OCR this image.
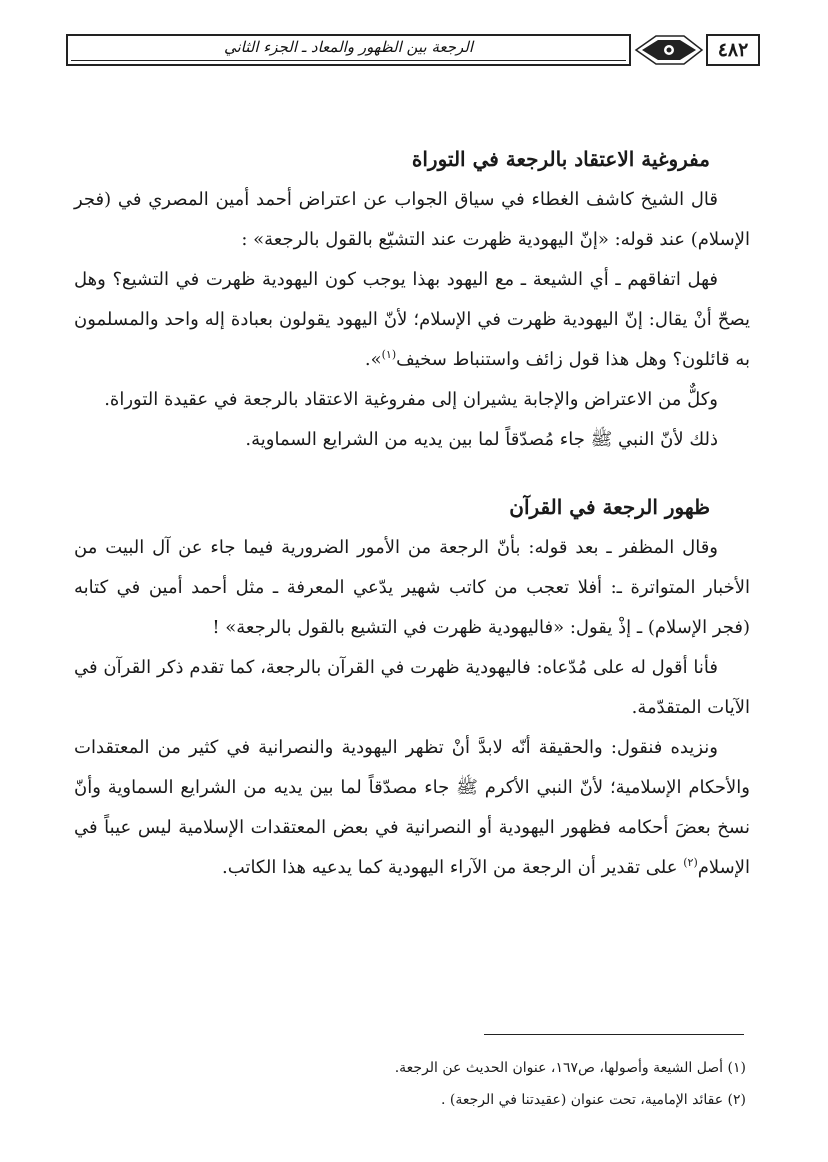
الرجعة بين الظهور والمعاد ـ الجزء الثاني	٤٨٢
مفروغية الاعتقاد بالرجعة في التوراة

قال الشيخ كاشف الغطاء في سياق الجواب عن اعتراض أحمد أمين المصري في (فجر الإسلام) عند قوله: «إنّ اليهودية ظهرت عند التشيّع بالقول بالرجعة» :

فهل اتفاقهم ـ أي الشيعة ـ مع اليهود بهذا يوجب كون اليهودية ظهرت في التشيع؟ وهل يصحّ أنْ يقال: إنّ اليهودية ظهرت في الإسلام؛ لأنّ اليهود يقولون بعبادة إله واحد والمسلمون به قائلون؟ وهل هذا قول زائف واستنباط سخيف$^{(١)}$».

وكلٌّ من الاعتراض والإجابة يشيران إلى مفروغية الاعتقاد بالرجعة في عقيدة التوراة.

ذلك لأنّ النبي ﷺ جاء مُصدّقاً لما بين يديه من الشرايع السماوية.

ظهور الرجعة في القرآن

وقال المظفر ـ بعد قوله: بأنّ الرجعة من الأمور الضرورية فيما جاء عن آل البيت من الأخبار المتواترة ـ: أفلا تعجب من كاتب شهير يدّعي المعرفة ـ مثل أحمد أمين في كتابه (فجر الإسلام) ـ إذْ يقول: «فاليهودية ظهرت في التشيع بالقول بالرجعة» !

فأنا أقول له على مُدّعاه: فاليهودية ظهرت في القرآن بالرجعة، كما تقدم ذكر القرآن في الآيات المتقدّمة.

ونزيده فنقول: والحقيقة أنّه لابدَّ أنْ تظهر اليهودية والنصرانية في كثير من المعتقدات والأحكام الإسلامية؛ لأنّ النبي الأكرم ﷺ جاء مصدّقاً لما بين يديه من الشرايع السماوية وأنّ نسخ بعضَ أحكامه فظهور اليهودية أو النصرانية في بعض المعتقدات الإسلامية ليس عيباً في الإسلام$^{(٢)}$ على تقدير أن الرجعة من الآراء اليهودية كما يدعيه هذا الكاتب.

(١) أصل الشيعة وأصولها، ص١٦٧، عنوان الحديث عن الرجعة.

(٢) عقائد الإمامية، تحت عنوان (عقيدتنا في الرجعة) .
